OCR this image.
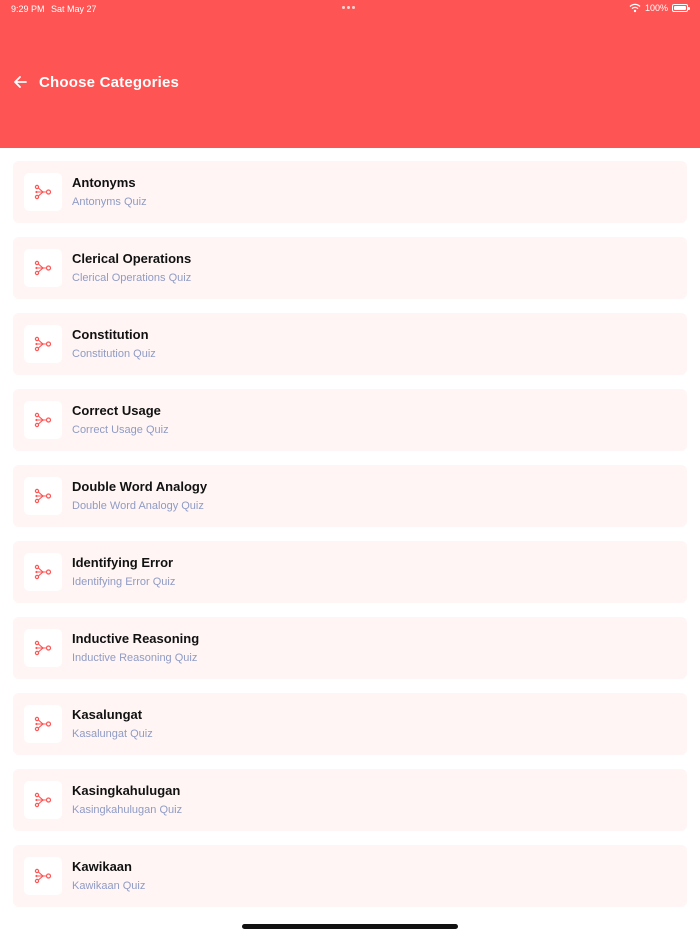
9:29 PM Sat May 27	100%
Choose Categories
Antonyms
Antonyms Quiz
Clerical Operations
Clerical Operations Quiz
Constitution
Constitution Quiz
Correct Usage
Correct Usage Quiz
Double Word Analogy
Double Word Analogy Quiz
Identifying Error
Identifying Error Quiz
Inductive Reasoning
Inductive Reasoning Quiz
Kasalungat
Kasalungat Quiz
Kasingkahulugan
Kasingkahulugan Quiz
Kawikaan
Kawikaan Quiz
